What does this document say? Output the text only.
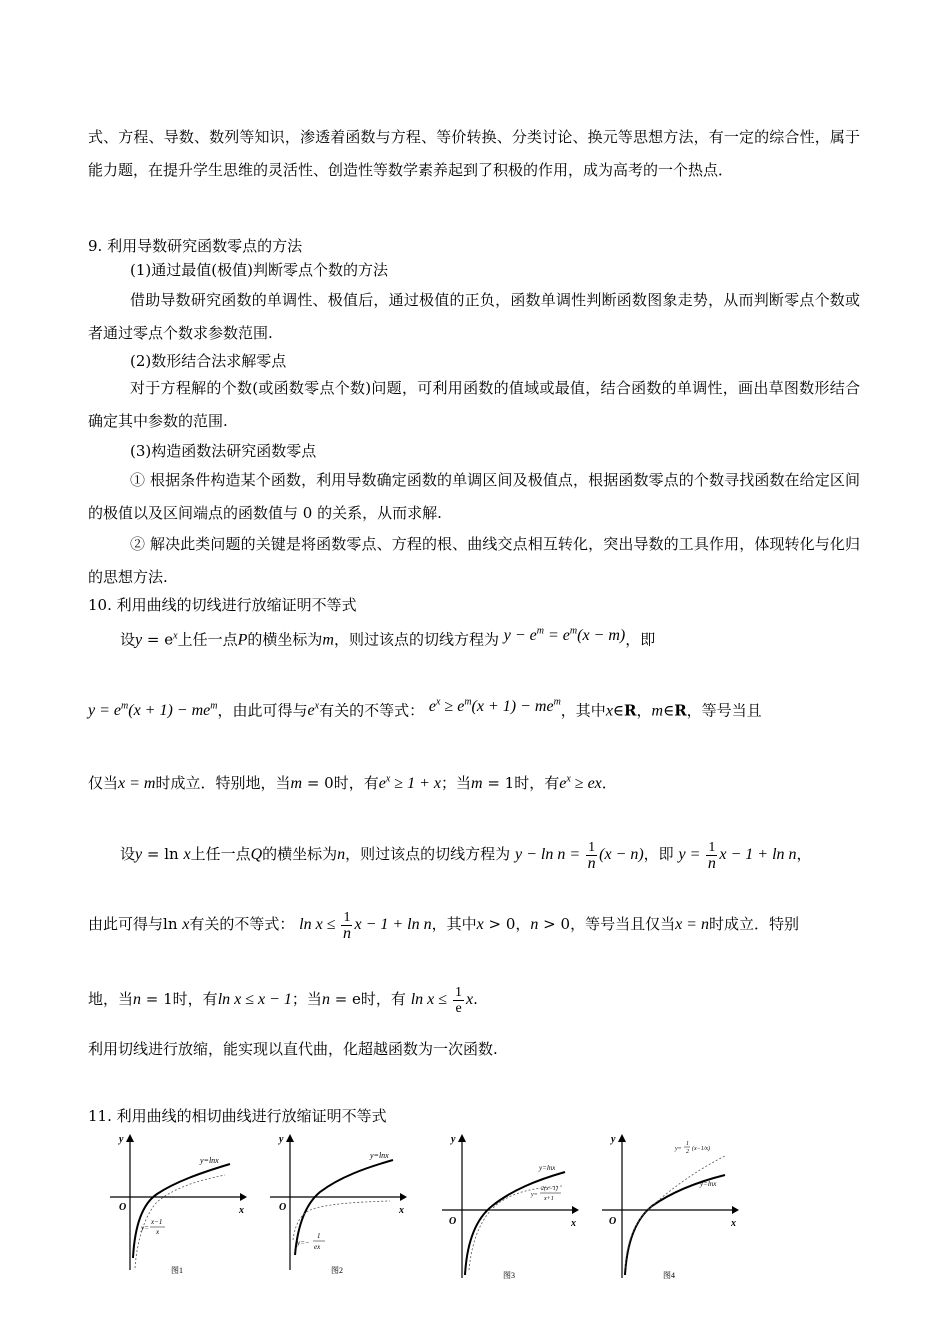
式、方程、导数、数列等知识，渗透着函数与方程、等价转换、分类讨论、换元等思想方法，有一定的综合性，属于能力题，在提升学生思维的灵活性、创造性等数学素养起到了积极的作用，成为高考的一个热点．

9. 利用导数研究函数零点的方法
(1)通过最值(极值)判断零点个数的方法

借助导数研究函数的单调性、极值后，通过极值的正负，函数单调性判断函数图象走势，从而判断零点个数或者通过零点个数求参数范围.

(2)数形结合法求解零点

对于方程解的个数(或函数零点个数)问题，可利用函数的值域或最值，结合函数的单调性，画出草图数形结合确定其中参数的范围.

(3)构造函数法研究函数零点

① 根据条件构造某个函数，利用导数确定函数的单调区间及极值点，根据函数零点的个数寻找函数在给定区间的极值以及区间端点的函数值与 0 的关系，从而求解.

② 解决此类问题的关键是将函数零点、方程的根、曲线交点相互转化，突出导数的工具作用，体现转化与化归的思想方法.

10. 利用曲线的切线进行放缩证明不等式
设$y = e^x$上任一点P的横坐标为m，则过该点的切线方程为 $y - e^m = e^m(x - m)$，即
$y = e^m(x + 1) - me^m$，由此可得与$e^x$有关的不等式： $e^x \ge e^m(x + 1) - me^m$，其中x∈R，m∈R，等号当且
仅当x = m时成立．特别地，当m = 0时，有$e^x \ge 1 + x$；当m = 1时，有$e^x$ ≥ ex．
设y = ln x上任一点Q的横坐标为n，则过该点的切线方程为 $y - \ln n = \frac{1}{n} (x - n)$，即 $y = \frac{1}{n}$ x − 1 + ln n，
由此可得与ln x有关的不等式： $\ln x \le \frac{1}{n}$ x − 1 + ln n，其中x > 0，n > 0，等号当且仅当x = n时成立．特别
地，当n = 1时，有ln x ≤ x − 1；当n = e时，有 $\ln x \le \frac{1}{e} x$.
利用切线进行放缩，能实现以直代曲，化超越函数为一次函数.
11. 利用曲线的相切曲线进行放缩证明不等式
y
x
O
y=lnx
y=
x−1
x
图1
y
x
O
y=lnx
y=−
1
ex
图2
y
x
O
y=lnx
y=
2(x−1)
x+1
图3
y
x
O
y=lnx
y=
1
2 (x−1/x)
图4
